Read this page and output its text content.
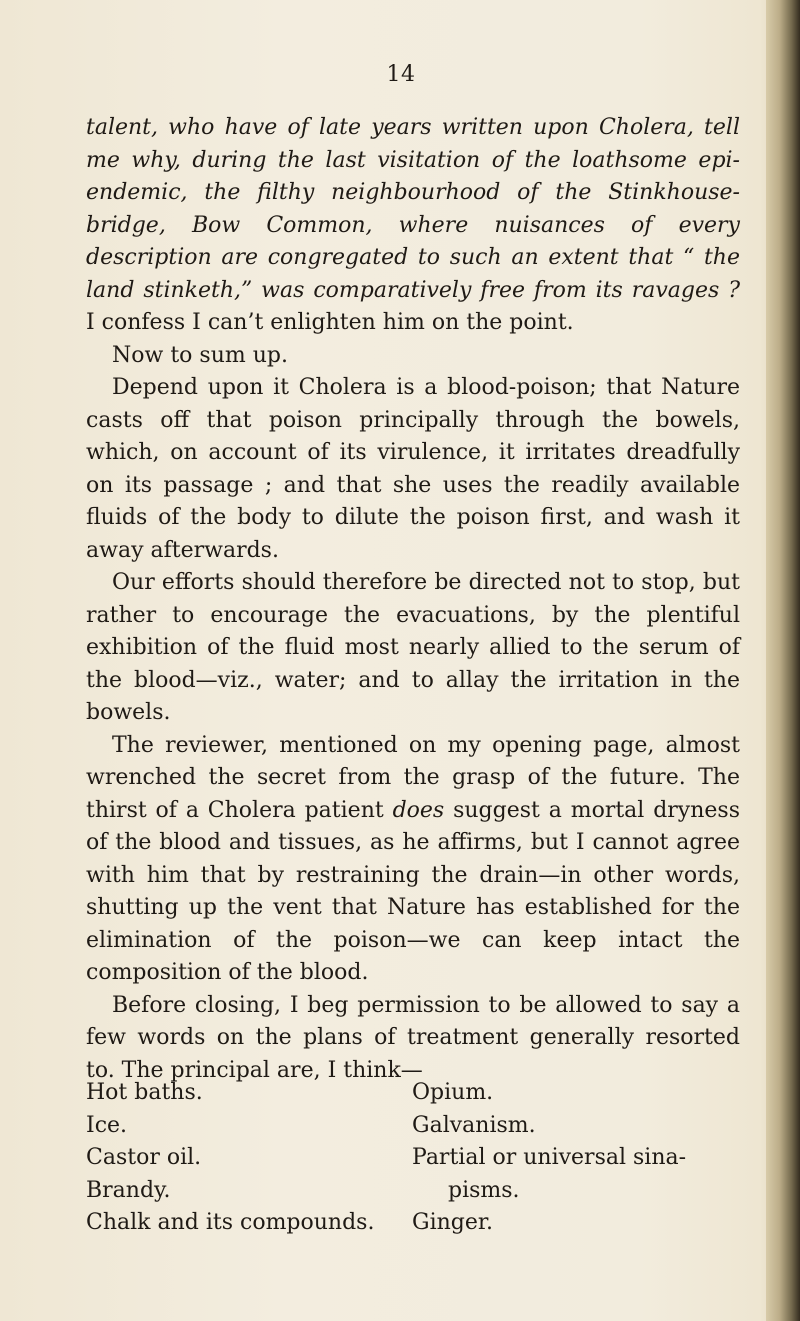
14

talent, who have of late years written upon Cholera, tell me why, during the last visitation of the loathsome epi-endemic, the filthy neighbourhood of the Stinkhouse-bridge, Bow Common, where nuisances of every description are congregated to such an extent that “ the land stinketh,” was comparatively free from its ravages ? I confess I can’t enlighten him on the point.

Now to sum up.

Depend upon it Cholera is a blood-poison; that Nature casts off that poison principally through the bowels, which, on account of its virulence, it irritates dreadfully on its passage ; and that she uses the readily available fluids of the body to dilute the poison first, and wash it away afterwards.

Our efforts should therefore be directed not to stop, but rather to encourage the evacuations, by the plentiful exhibition of the fluid most nearly allied to the serum of the blood—viz., water; and to allay the irritation in the bowels.

The reviewer, mentioned on my opening page, almost wrenched the secret from the grasp of the future. The thirst of a Cholera patient does suggest a mortal dryness of the blood and tissues, as he affirms, but I cannot agree with him that by restraining the drain—in other words, shutting up the vent that Nature has established for the elimination of the poison—we can keep intact the composition of the blood.

Before closing, I beg permission to be allowed to say a few words on the plans of treatment generally resorted to. The principal are, I think—

Hot baths.
Ice.
Castor oil.
Brandy.
Chalk and its compounds.
Opium.
Galvanism.
Partial or universal sina-
pisms.
Ginger.
